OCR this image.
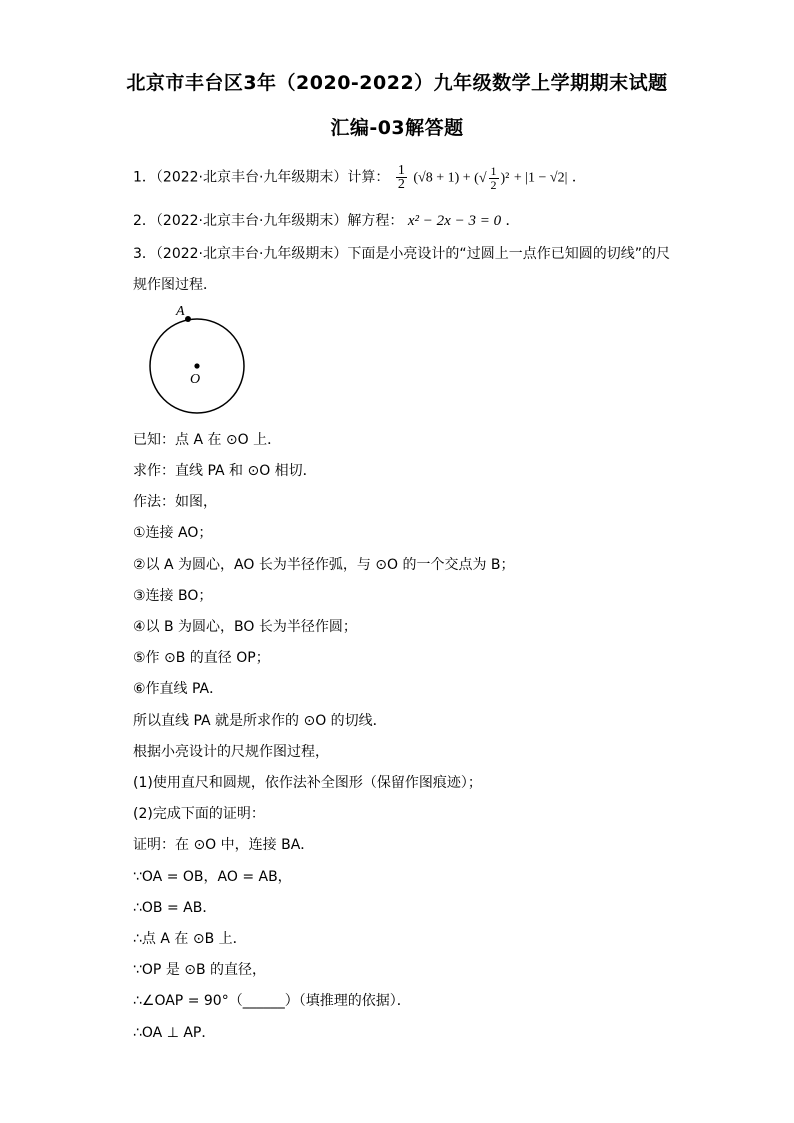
北京市丰台区3年（2020-2022）九年级数学上学期期末试题
汇编-03解答题
1．（2022·北京丰台·九年级期末）计算： $\frac{1}{2} (√8 + 1)$ + (√ $\frac{1}{2} )^2 + |1 - √2|$ ．
2．（2022·北京丰台·九年级期末）解方程： x² − 2x − 3 = 0 ．
3．（2022·北京丰台·九年级期末）下面是小亮设计的“过圆上一点作已知圆的切线”的尺
规作图过程．
A
O
已知：点 A 在 ⊙O 上．
求作：直线 PA 和 ⊙O 相切．
作法：如图，
①连接 AO；
②以 A 为圆心，AO 长为半径作弧，与 ⊙O 的一个交点为 B；
③连接 BO；
④以 B 为圆心，BO 长为半径作圆；
⑤作 ⊙B 的直径 OP；
⑥作直线 PA．
所以直线 PA 就是所求作的 ⊙O 的切线．
根据小亮设计的尺规作图过程，
(1)使用直尺和圆规，依作法补全图形（保留作图痕迹）；
(2)完成下面的证明：
证明：在 ⊙O 中，连接 BA．
∵OA = OB，AO = AB，
∴OB = AB．
∴点 A 在 ⊙B 上．
∵OP 是 ⊙B 的直径，
∴∠OAP = 90°（______）（填推理的依据）．
∴OA ⊥ AP．
